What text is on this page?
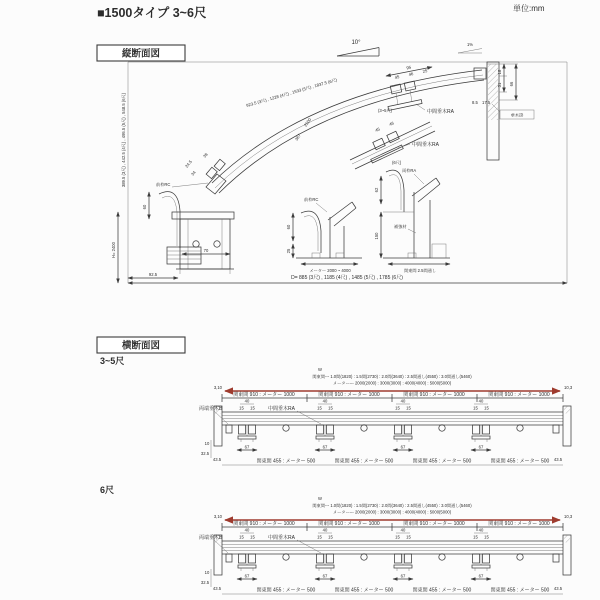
■1500タイプ 3~6尺	単位:mm
縦断面図
389.5 (3尺) , 442.5 (4尺) , 495.5 (5尺) , 548.5 (6尺)
H= 2400
923.5 (3尺) , 1228 (4尺) , 1533 (5尺) , 1837.5 (6尺)
D= 885 (3尺) , 1185 (4尺) , 1485 (5尺) , 1785 (6尺)
10°	1%
2500
367
24.5
34
38
前枠RC
60
70
92.5
95
45
46
25
(3~5尺)	中間垂木RA
45
46
(6尺)
中間垂木RA
18
31 66
8.5 17.5
垂木掛
前枠RC
60
25
メーター 2000 ~ 4000
両枠RA
補強材
62
150
関東間 2.5間通し
横断面図
3~5尺
6尺
W
関東間--- 1.0間(1820) : 1.5間(2730) : 2.0間(3640) : 2.5間通し(4550) : 3.0間通し(5460)
メーター--- 2000(2000) : 3000(3000) : 4000(4000) : 5000(5000)
3,10	10,3
関東間 910 : メーター 1000	関東間 910 : メーター 1000	関東間 910 : メーター 1000	関東間 910 : メーター 1000
40
15 15
40
15 15
40
15 15
40
15 15
67	67	67	67
関東間 455 : メーター 500	関東間 455 : メーター 500	関東間 455 : メーター 500	関東間 455 : メーター 500
両端垂木B	中間垂木RA
10
32.5
43.5	43.5
W
関東間--- 1.0間(1820) : 1.5間(2730) : 2.0間(3640) : 2.5間通し(4550) : 3.0間通し(5460)
メーター--- 2000(2000) : 3000(3000) : 4000(4000) : 5000(5000)
3,10	10,3
関東間 910 : メーター 1000	関東間 910 : メーター 1000	関東間 910 : メーター 1000	関東間 910 : メーター 1000
40
15 15
40
15 15
40
15 15
40
15 15
67	67	67	67
関東間 455 : メーター 500	関東間 455 : メーター 500	関東間 455 : メーター 500	関東間 455 : メーター 500
両端垂木B	中間垂木RA
10
32.5
43.5	43.5
